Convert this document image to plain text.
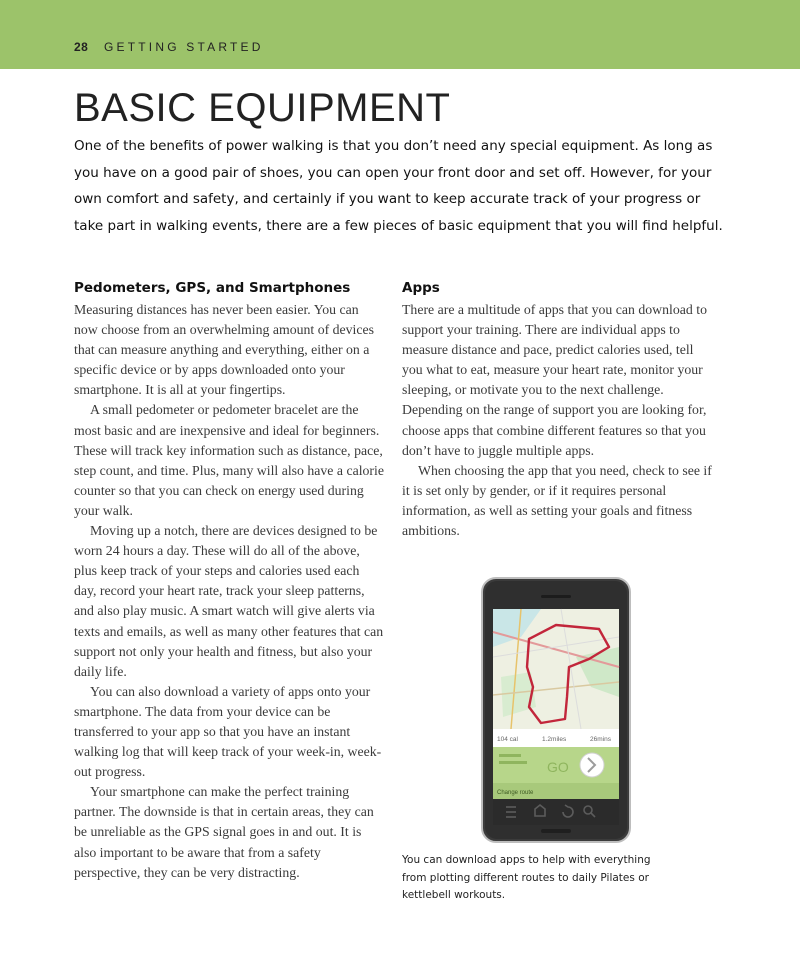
28 GETTING STARTED
BASIC EQUIPMENT

One of the benefits of power walking is that you don’t need any special equipment. As long as you have on a good pair of shoes, you can open your front door and set off. However, for your own comfort and safety, and certainly if you want to keep accurate track of your progress or take part in walking events, there are a few pieces of basic equipment that you will find helpful.

Pedometers, GPS, and Smartphones

Measuring distances has never been easier. You can now choose from an overwhelming amount of devices that can measure anything and everything, either on a specific device or by apps downloaded onto your smartphone. It is all at your fingertips.

A small pedometer or pedometer bracelet are the most basic and are inexpensive and ideal for beginners. These will track key information such as distance, pace, step count, and time. Plus, many will also have a calorie counter so that you can check on energy used during your walk.

Moving up a notch, there are devices designed to be worn 24 hours a day. These will do all of the above, plus keep track of your steps and calories used each day, record your heart rate, track your sleep patterns, and also play music. A smart watch will give alerts via texts and emails, as well as many other features that can support not only your health and fitness, but also your daily life.

You can also download a variety of apps onto your smartphone. The data from your device can be transferred to your app so that you have an instant walking log that will keep track of your week-in, week-out progress.

Your smartphone can make the perfect training partner. The downside is that in certain areas, they can be unreliable as the GPS signal goes in and out. It is also important to be aware that from a safety perspective, they can be very distracting.

Apps

There are a multitude of apps that you can download to support your training. There are individual apps to measure distance and pace, predict calories used, tell you what to eat, measure your heart rate, monitor your sleeping, or motivate you to the next challenge. Depending on the range of support you are looking for, choose apps that combine different features so that you don’t have to juggle multiple apps.

When choosing the app that you need, check to see if it is set only by gender, or if it requires personal information, as well as setting your goals and fitness ambitions.

104 cal	1.2miles	26mins
GO
Change route

You can download apps to help with everything from plotting different routes to daily Pilates or kettlebell workouts.
